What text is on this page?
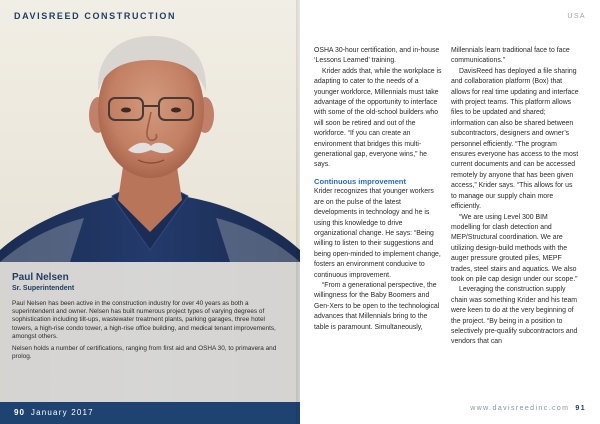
DAVISREED CONSTRUCTION
Paul Nelsen
Sr. Superintendent

Paul Nelsen has been active in the construction industry for over 40 years as both a superintendent and owner. Nelsen has built numerous project types of varying degrees of sophistication including tilt-ups, wastewater treatment plants, parking garages, three hotel towers, a high-rise condo tower, a high-rise office building, and medical tenant improvements, amongst others.

Nelsen holds a number of certifications, ranging from first aid and OSHA 30, to primavera and prolog.

90 January 2017
USA

OSHA 30-hour certification, and in-house ‘Lessons Learned’ training.

Krider adds that, while the workplace is adapting to cater to the needs of a younger workforce, Millennials must take advantage of the opportunity to interface with some of the old-school builders who will soon be retired and out of the workforce. “If you can create an environment that bridges this multi-generational gap, everyone wins,” he says.

Continuous improvement

Krider recognizes that younger workers are on the pulse of the latest developments in technology and he is using this knowledge to drive organizational change. He says: “Being willing to listen to their suggestions and being open-minded to implement change, fosters an environment conducive to continuous improvement.

“From a generational perspective, the willingness for the Baby Boomers and Gen-Xers to be open to the technological advances that Millennials bring to the table is paramount. Simultaneously,

Millennials learn traditional face to face communications.”

DavisReed has deployed a file sharing and collaboration platform (Box) that allows for real time updating and interface with project teams. This platform allows files to be updated and shared; information can also be shared between subcontractors, designers and owner’s personnel efficiently. “The program ensures everyone has access to the most current documents and can be accessed remotely by anyone that has been given access,” Krider says. “This allows for us to manage our supply chain more efficiently.

“We are using Level 300 BIM modelling for clash detection and MEP/Structural coordination. We are utilizing design-build methods with the auger pressure grouted piles, MEPF trades, steel stairs and aquatics. We also took on pile cap design under our scope.”

Leveraging the construction supply chain was something Krider and his team were keen to do at the very beginning of the project. “By being in a position to selectively pre-qualify subcontractors and vendors that can

www.davisreedinc.com 91
